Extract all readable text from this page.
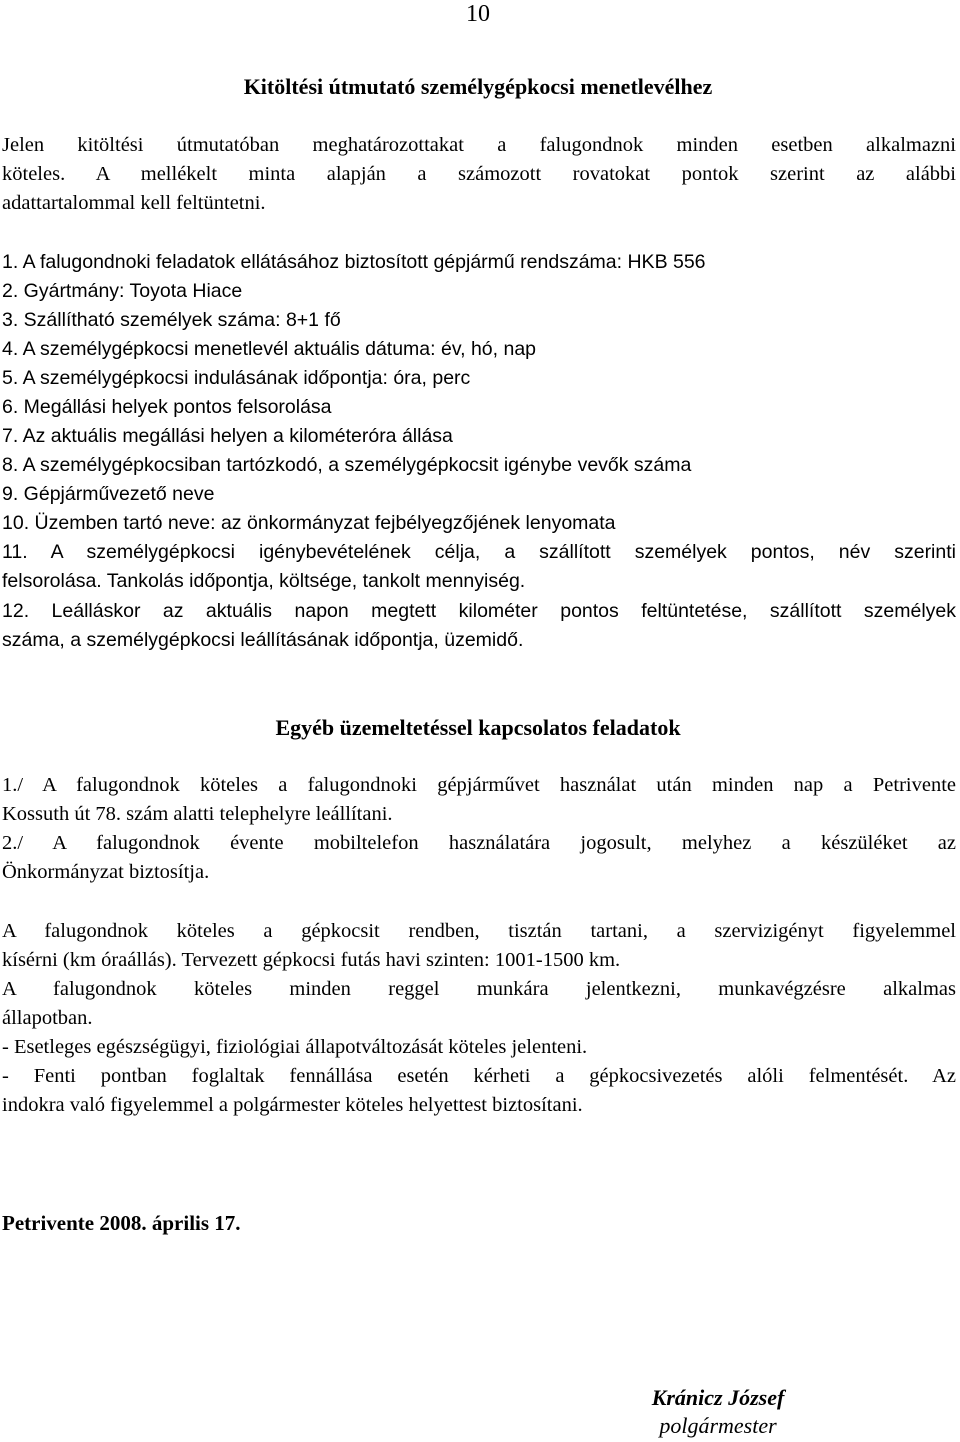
10
Kitöltési útmutató személygépkocsi menetlevélhez
Jelen kitöltési útmutatóban meghatározottakat a falugondnok minden esetben alkalmazni
köteles. A mellékelt minta alapján a számozott rovatokat pontok szerint az alábbi
adattartalommal kell feltüntetni.
1. A falugondnoki feladatok ellátásához biztosított gépjármű rendszáma: HKB 556
2. Gyártmány: Toyota Hiace
3. Szállítható személyek száma: 8+1 fő
4. A személygépkocsi menetlevél aktuális dátuma: év, hó, nap
5. A személygépkocsi indulásának időpontja: óra, perc
6. Megállási helyek pontos felsorolása
7. Az aktuális megállási helyen a kilométeróra állása
8. A személygépkocsiban tartózkodó, a személygépkocsit igénybe vevők száma
9. Gépjárművezető neve
10. Üzemben tartó neve: az önkormányzat fejbélyegzőjének lenyomata
11. A személygépkocsi igénybevételének célja, a szállított személyek pontos, név szerinti
felsorolása. Tankolás időpontja, költsége, tankolt mennyiség.
12. Leálláskor az aktuális napon megtett kilométer pontos feltüntetése, szállított személyek
száma, a személygépkocsi leállításának időpontja, üzemidő.
Egyéb üzemeltetéssel kapcsolatos feladatok
1./ A falugondnok köteles a falugondnoki gépjárművet használat után minden nap a Petrivente
Kossuth út 78. szám alatti telephelyre leállítani.
2./ A falugondnok évente mobiltelefon használatára jogosult, melyhez a készüléket az
Önkormányzat biztosítja.
A falugondnok köteles a gépkocsit rendben, tisztán tartani, a szervizigényt figyelemmel
kísérni (km óraállás). Tervezett gépkocsi futás havi szinten: 1001-1500 km.
A falugondnok köteles minden reggel munkára jelentkezni, munkavégzésre alkalmas
állapotban.
- Esetleges egészségügyi, fiziológiai állapotváltozását köteles jelenteni.
- Fenti pontban foglaltak fennállása esetén kérheti a gépkocsivezetés alóli felmentését. Az
indokra való figyelemmel a polgármester köteles helyettest biztosítani.
Petrivente 2008. április 17.
Kránicz József
polgármester
